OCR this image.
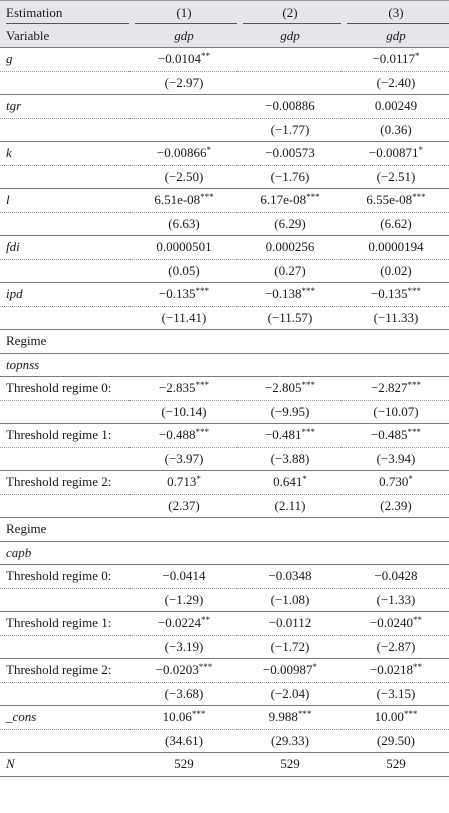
Estimation	(1)	(2)	(3)
Variable	gdp	gdp	gdp
g	−0.0104**		−0.0117*
	(−2.97)		(−2.40)
tgr		−0.00886	0.00249
		(−1.77)	(0.36)
k	−0.00866*	−0.00573	−0.00871*
	(−2.50)	(−1.76)	(−2.51)
l	6.51e-08***	6.17e-08***	6.55e-08***
	(6.63)	(6.29)	(6.62)
fdi	0.0000501	0.000256	0.0000194
	(0.05)	(0.27)	(0.02)
ipd	−0.135***	−0.138***	−0.135***
	(−11.41)	(−11.57)	(−11.33)
Regime			
topnss			
Threshold regime 0:	−2.835***	−2.805***	−2.827***
	(−10.14)	(−9.95)	(−10.07)
Threshold regime 1:	−0.488***	−0.481***	−0.485***
	(−3.97)	(−3.88)	(−3.94)
Threshold regime 2:	0.713*	0.641*	0.730*
	(2.37)	(2.11)	(2.39)
Regime			
capb			
Threshold regime 0:	−0.0414	−0.0348	−0.0428
	(−1.29)	(−1.08)	(−1.33)
Threshold regime 1:	−0.0224**	−0.0112	−0.0240**
	(−3.19)	(−1.72)	(−2.87)
Threshold regime 2:	−0.0203***	−0.00987*	−0.0218**
	(−3.68)	(−2.04)	(−3.15)
_cons	10.06***	9.988***	10.00***
	(34.61)	(29.33)	(29.50)
N	529	529	529
